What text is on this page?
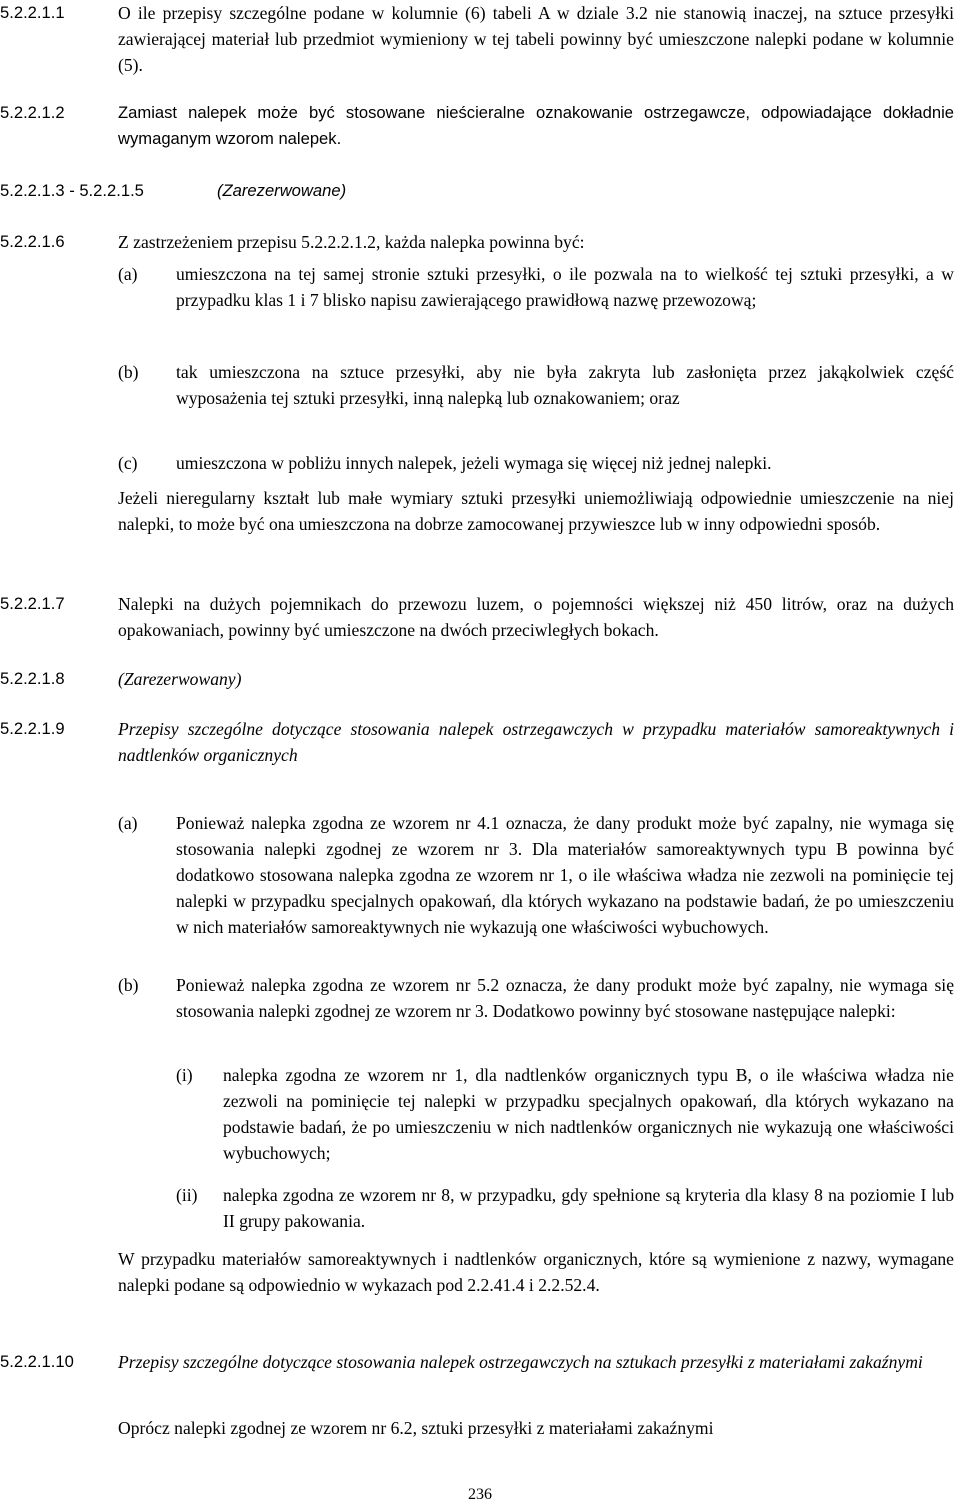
5.2.2.1.1	O ile przepisy szczególne podane w kolumnie (6) tabeli A w dziale 3.2 nie stanowią inaczej, na sztuce przesyłki zawierającej materiał lub przedmiot wymieniony w tej tabeli powinny być umieszczone nalepki podane w kolumnie (5).
5.2.2.1.2	Zamiast nalepek może być stosowane nieścieralne oznakowanie ostrzegawcze, odpowiadające dokładnie wymaganym wzorom nalepek.
5.2.2.1.3 - 5.2.2.1.5	(Zarezerwowane)
5.2.2.1.6	Z zastrzeżeniem przepisu 5.2.2.2.1.2, każda nalepka powinna być:
(a) umieszczona na tej samej stronie sztuki przesyłki, o ile pozwala na to wielkość tej sztuki przesyłki, a w przypadku klas 1 i 7 blisko napisu zawierającego prawidłową nazwę przewozową;
(b) tak umieszczona na sztuce przesyłki, aby nie była zakryta lub zasłonięta przez jakąkolwiek część wyposażenia tej sztuki przesyłki, inną nalepką lub oznakowaniem; oraz
(c) umieszczona w pobliżu innych nalepek, jeżeli wymaga się więcej niż jednej nalepki.
Jeżeli nieregularny kształt lub małe wymiary sztuki przesyłki uniemożliwiają odpowiednie umieszczenie na niej nalepki, to może być ona umieszczona na dobrze zamocowanej przywieszce lub w inny odpowiedni sposób.
5.2.2.1.7	Nalepki na dużych pojemnikach do przewozu luzem, o pojemności większej niż 450 litrów, oraz na dużych opakowaniach, powinny być umieszczone na dwóch przeciwległych bokach.
5.2.2.1.8	(Zarezerwowany)
5.2.2.1.9	Przepisy szczególne dotyczące stosowania nalepek ostrzegawczych w przypadku materiałów samoreaktywnych i nadtlenków organicznych
(a) Ponieważ nalepka zgodna ze wzorem nr 4.1 oznacza, że dany produkt może być zapalny, nie wymaga się stosowania nalepki zgodnej ze wzorem nr 3. Dla materiałów samoreaktywnych typu B powinna być dodatkowo stosowana nalepka zgodna ze wzorem nr 1, o ile właściwa władza nie zezwoli na pominięcie tej nalepki w przypadku specjalnych opakowań, dla których wykazano na podstawie badań, że po umieszczeniu w nich materiałów samoreaktywnych nie wykazują one właściwości wybuchowych.
(b) Ponieważ nalepka zgodna ze wzorem nr 5.2 oznacza, że dany produkt może być zapalny, nie wymaga się stosowania nalepki zgodnej ze wzorem nr 3. Dodatkowo powinny być stosowane następujące nalepki:
(i) nalepka zgodna ze wzorem nr 1, dla nadtlenków organicznych typu B, o ile właściwa władza nie zezwoli na pominięcie tej nalepki w przypadku specjalnych opakowań, dla których wykazano na podstawie badań, że po umieszczeniu w nich nadtlenków organicznych nie wykazują one właściwości wybuchowych;
(ii) nalepka zgodna ze wzorem nr 8, w przypadku, gdy spełnione są kryteria dla klasy 8 na poziomie I lub II grupy pakowania.
W przypadku materiałów samoreaktywnych i nadtlenków organicznych, które są wymienione z nazwy, wymagane nalepki podane są odpowiednio w wykazach pod 2.2.41.4 i 2.2.52.4.
5.2.2.1.10	Przepisy szczególne dotyczące stosowania nalepek ostrzegawczych na sztukach przesyłki z materiałami zakaźnymi
Oprócz nalepki zgodnej ze wzorem nr 6.2, sztuki przesyłki z materiałami zakaźnymi
236
